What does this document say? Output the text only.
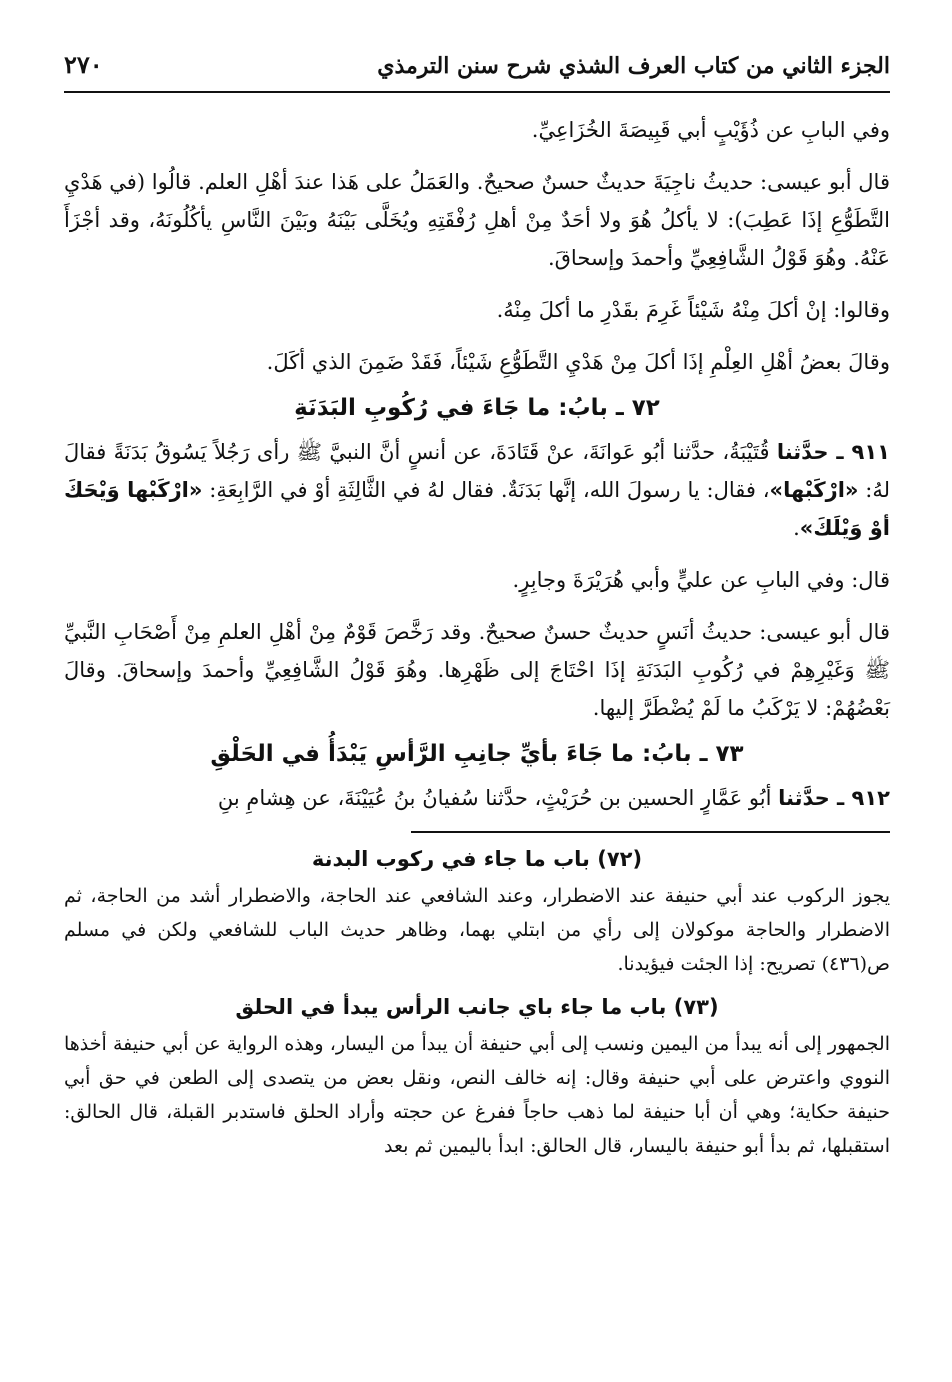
الجزء الثاني من كتاب العرف الشذي شرح سنن الترمذي
٢٧٠

وفي البابِ عن ذُؤَيْبٍ أبي قَبِيصَةَ الخُزَاعِيِّ.

قال أبو عيسى: حديثُ ناجِيَةَ حديثٌ حسنٌ صحيحٌ. والعَمَلُ على هَذا عندَ أهْلِ العلم. قالُوا (في هَدْيِ التَّطَوُّعِ إذَا عَطِبَ): لا يأكلُ هُوَ ولا أحَدٌ مِنْ أهلِ رُفْقَتِهِ ويُخَلَّى بَيْنَهُ وبَيْنَ النَّاسِ يأكُلُونَهُ، وقد أجْزَأَ عَنْهُ. وهُوَ قَوْلُ الشَّافِعِيِّ وأحمدَ وإسحاقَ.

وقالوا: إنْ أكلَ مِنْهُ شَيْئاً غَرِمَ بقَدْرِ ما أكلَ مِنْهُ.

وقالَ بعضُ أهْلِ العِلْمِ إذَا أكلَ مِنْ هَدْيِ التَّطَوُّعِ شَيْئاً، فَقَدْ ضَمِنَ الذي أكَلَ.

٧٢ ـ بابُ: ما جَاءَ في رُكُوبِ البَدَنَةِ

٩١١ ـ حدَّثنا قُتَيْبَةُ، حدَّثنا أبُو عَوانَةَ، عنْ قَتَادَةَ، عن أنسٍ أنَّ النبيَّ ﷺ رأى رَجُلاً يَسُوقُ بَدَنَةً فقالَ لهُ: «ارْكَبْها»، فقال: يا رسولَ الله، إنَّها بَدَنَةٌ. فقال لهُ في الثَّالِثَةِ أوْ في الرَّابِعَةِ: «ارْكَبْها وَيْحَكَ أوْ وَيْلَكَ».

قال: وفي البابِ عن عليٍّ وأبي هُرَيْرَةَ وجابِرٍ.

قال أبو عيسى: حديثُ أنَسٍ حديثٌ حسنٌ صحيحٌ. وقد رَخَّصَ قَوْمٌ مِنْ أهْلِ العلمِ مِنْ أَصْحَابِ النَّبيِّ ﷺ وَغَيْرِهِمْ في رُكُوبِ البَدَنَةِ إذَا احْتَاجَ إلى ظَهْرِها. وهُوَ قَوْلُ الشَّافِعِيِّ وأحمدَ وإسحاقَ. وقالَ بَعْضُهُمْ: لا يَرْكَبُ ما لَمْ يُضْطَرَّ إليها.

٧٣ ـ بابُ: ما جَاءَ بأيِّ جانِبِ الرَّأسِ يَبْدَأُ في الحَلْقِ

٩١٢ ـ حدَّثنا أبُو عَمَّارٍ الحسين بن حُرَيْثٍ، حدَّثنا سُفيانُ بنُ عُيَيْنَةَ، عن هِشامِ بنِ

(٧٢) باب ما جاء في ركوب البدنة

يجوز الركوب عند أبي حنيفة عند الاضطرار، وعند الشافعي عند الحاجة، والاضطرار أشد من الحاجة، ثم الاضطرار والحاجة موكولان إلى رأي من ابتلي بهما، وظاهر حديث الباب للشافعي ولكن في مسلم ص(٤٣٦) تصريح: إذا الجئت فيؤيدنا.

(٧٣) باب ما جاء باي جانب الرأس يبدأ في الحلق

الجمهور إلى أنه يبدأ من اليمين ونسب إلى أبي حنيفة أن يبدأ من اليسار، وهذه الرواية عن أبي حنيفة أخذها النووي واعترض على أبي حنيفة وقال: إنه خالف النص، ونقل بعض من يتصدى إلى الطعن في حق أبي حنيفة حكاية؛ وهي أن أبا حنيفة لما ذهب حاجاً ففرغ عن حجته وأراد الحلق فاستدبر القبلة، قال الحالق: استقبلها، ثم بدأ أبو حنيفة باليسار، قال الحالق: ابدأ باليمين ثم بعد
